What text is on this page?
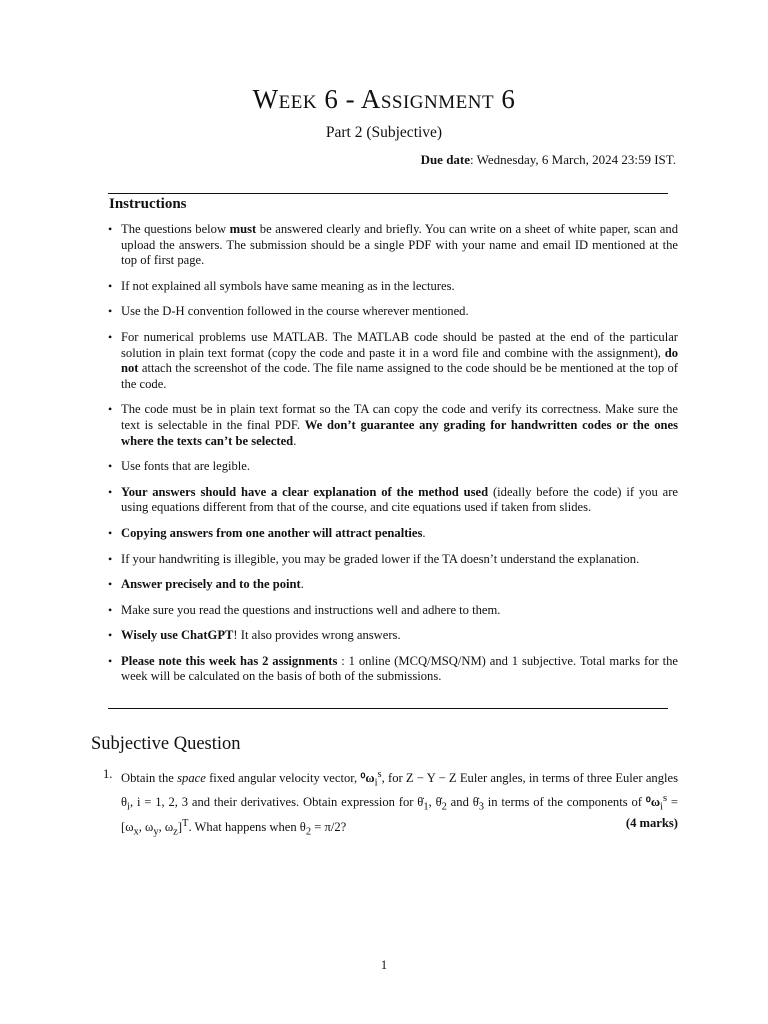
Week 6 - Assignment 6
Part 2 (Subjective)
Due date: Wednesday, 6 March, 2024 23:59 IST.
Instructions
• The questions below must be answered clearly and briefly. You can write on a sheet of white paper, scan and upload the answers. The submission should be a single PDF with your name and email ID mentioned at the top of first page.
• If not explained all symbols have same meaning as in the lectures.
• Use the D-H convention followed in the course wherever mentioned.
• For numerical problems use MATLAB. The MATLAB code should be pasted at the end of the particular solution in plain text format (copy the code and paste it in a word file and combine with the assignment), do not attach the screenshot of the code. The file name assigned to the code should be be mentioned at the top of the code.
• The code must be in plain text format so the TA can copy the code and verify its correctness. Make sure the text is selectable in the final PDF. We don’t guarantee any grading for handwritten codes or the ones where the texts can’t be selected.
• Use fonts that are legible.
• Your answers should have a clear explanation of the method used (ideally before the code) if you are using equations different from that of the course, and cite equations used if taken from slides.
• Copying answers from one another will attract penalties.
• If your handwriting is illegible, you may be graded lower if the TA doesn’t understand the explanation.
• Answer precisely and to the point.
• Make sure you read the questions and instructions well and adhere to them.
• Wisely use ChatGPT! It also provides wrong answers.
• Please note this week has 2 assignments : 1 online (MCQ/MSQ/NM) and 1 subjective. Total marks for the week will be calculated on the basis of both of the submissions.
Subjective Question
1. Obtain the space fixed angular velocity vector, $^0\omega_i^s$, for Z − Y − Z Euler angles, in terms of three Euler angles $\theta_i$, i = 1, 2, 3 and their derivatives. Obtain expression for $\thetȧ_1$, $\thetȧ_2$ and $\thetȧ_3$ in terms of the components of $^0\omega_i^s = [\omega_x$, $\omega_y$, $\omega_z]^T$. What happens when $\theta_2 = \pi/2$?	(4 marks)
1
